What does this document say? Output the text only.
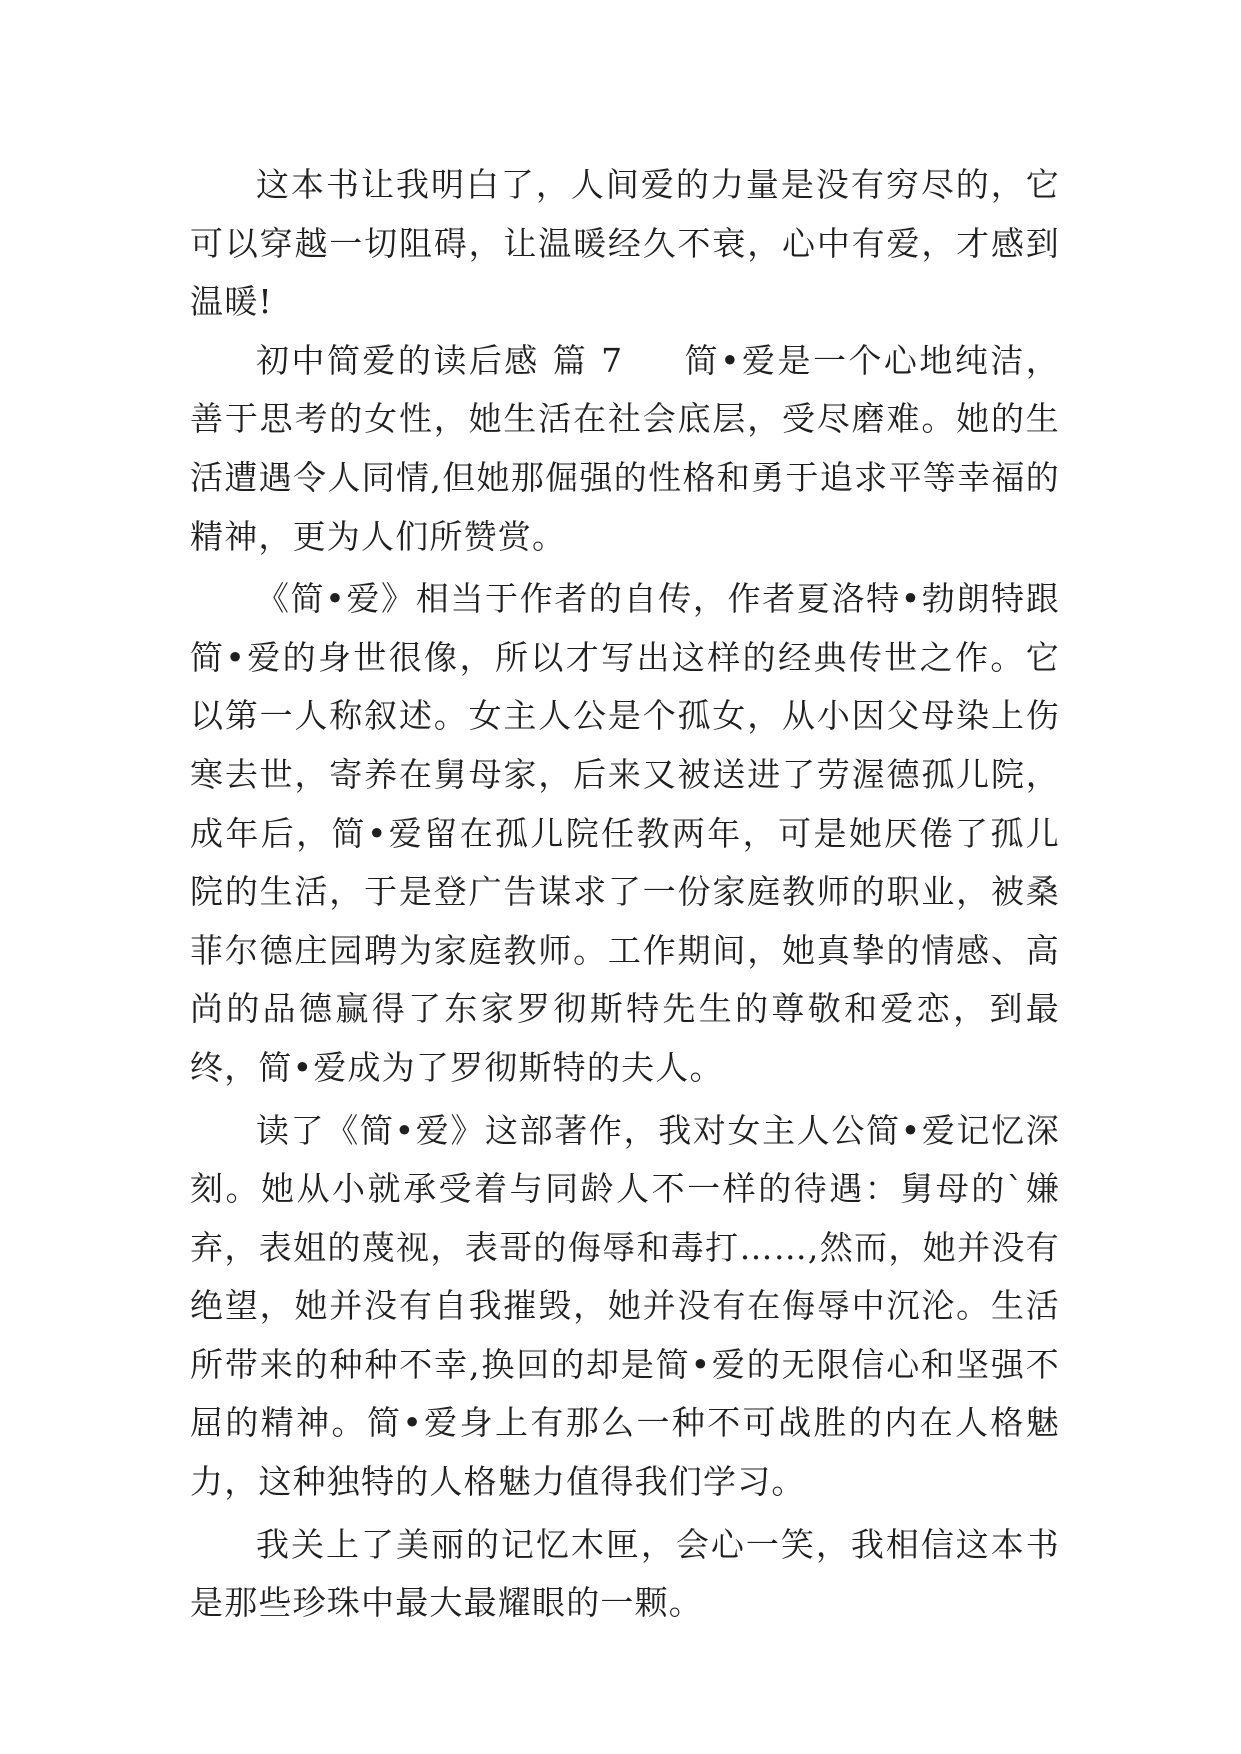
这本书让我明白了，人间爱的力量是没有穷尽的，它可以穿越一切阻碍，让温暖经久不衰，心中有爱，才感到温暖!

初中简爱的读后感 篇 7 简•爱是一个心地纯洁，善于思考的女性，她生活在社会底层，受尽磨难。她的生活遭遇令人同情,但她那倔强的性格和勇于追求平等幸福的精神，更为人们所赞赏。

《简•爱》相当于作者的自传，作者夏洛特•勃朗特跟简•爱的身世很像，所以才写出这样的经典传世之作。它以第一人称叙述。女主人公是个孤女，从小因父母染上伤寒去世，寄养在舅母家，后来又被送进了劳渥德孤儿院，成年后，简•爱留在孤儿院任教两年，可是她厌倦了孤儿院的生活，于是登广告谋求了一份家庭教师的职业，被桑菲尔德庄园聘为家庭教师。工作期间，她真挚的情感、高尚的品德赢得了东家罗彻斯特先生的尊敬和爱恋，到最终，简•爱成为了罗彻斯特的夫人。

读了《简•爱》这部著作，我对女主人公简•爱记忆深刻。她从小就承受着与同龄人不一样的待遇：舅母的`嫌弃，表姐的蔑视，表哥的侮辱和毒打……,然而，她并没有绝望，她并没有自我摧毁，她并没有在侮辱中沉沦。生活所带来的种种不幸,换回的却是简•爱的无限信心和坚强不屈的精神。简•爱身上有那么一种不可战胜的内在人格魅力，这种独特的人格魅力值得我们学习。

我关上了美丽的记忆木匣，会心一笑，我相信这本书是那些珍珠中最大最耀眼的一颗。
